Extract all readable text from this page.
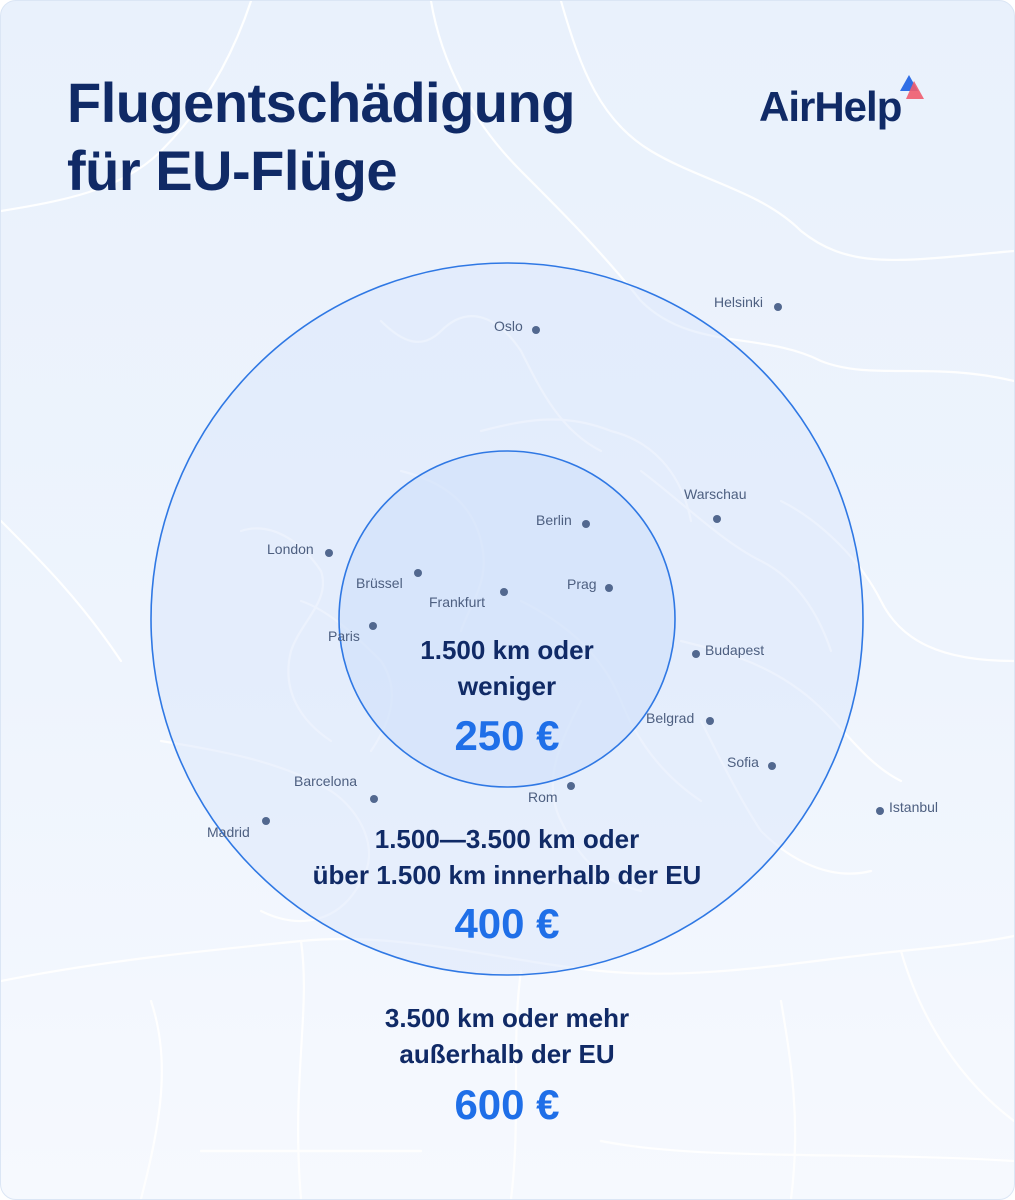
Flugentschädigung
für EU-Flüge
AirHelp
Helsinki
Oslo
Warschau
Berlin
London
Brüssel	Prag
Frankfurt
Paris
Budapest
Belgrad
Sofia
Barcelona
Rom
Madrid
Istanbul
1.500 km oder
weniger
250 €
1.500—3.500 km oder
über 1.500 km innerhalb der EU
400 €
3.500 km oder mehr
außerhalb der EU
600 €
